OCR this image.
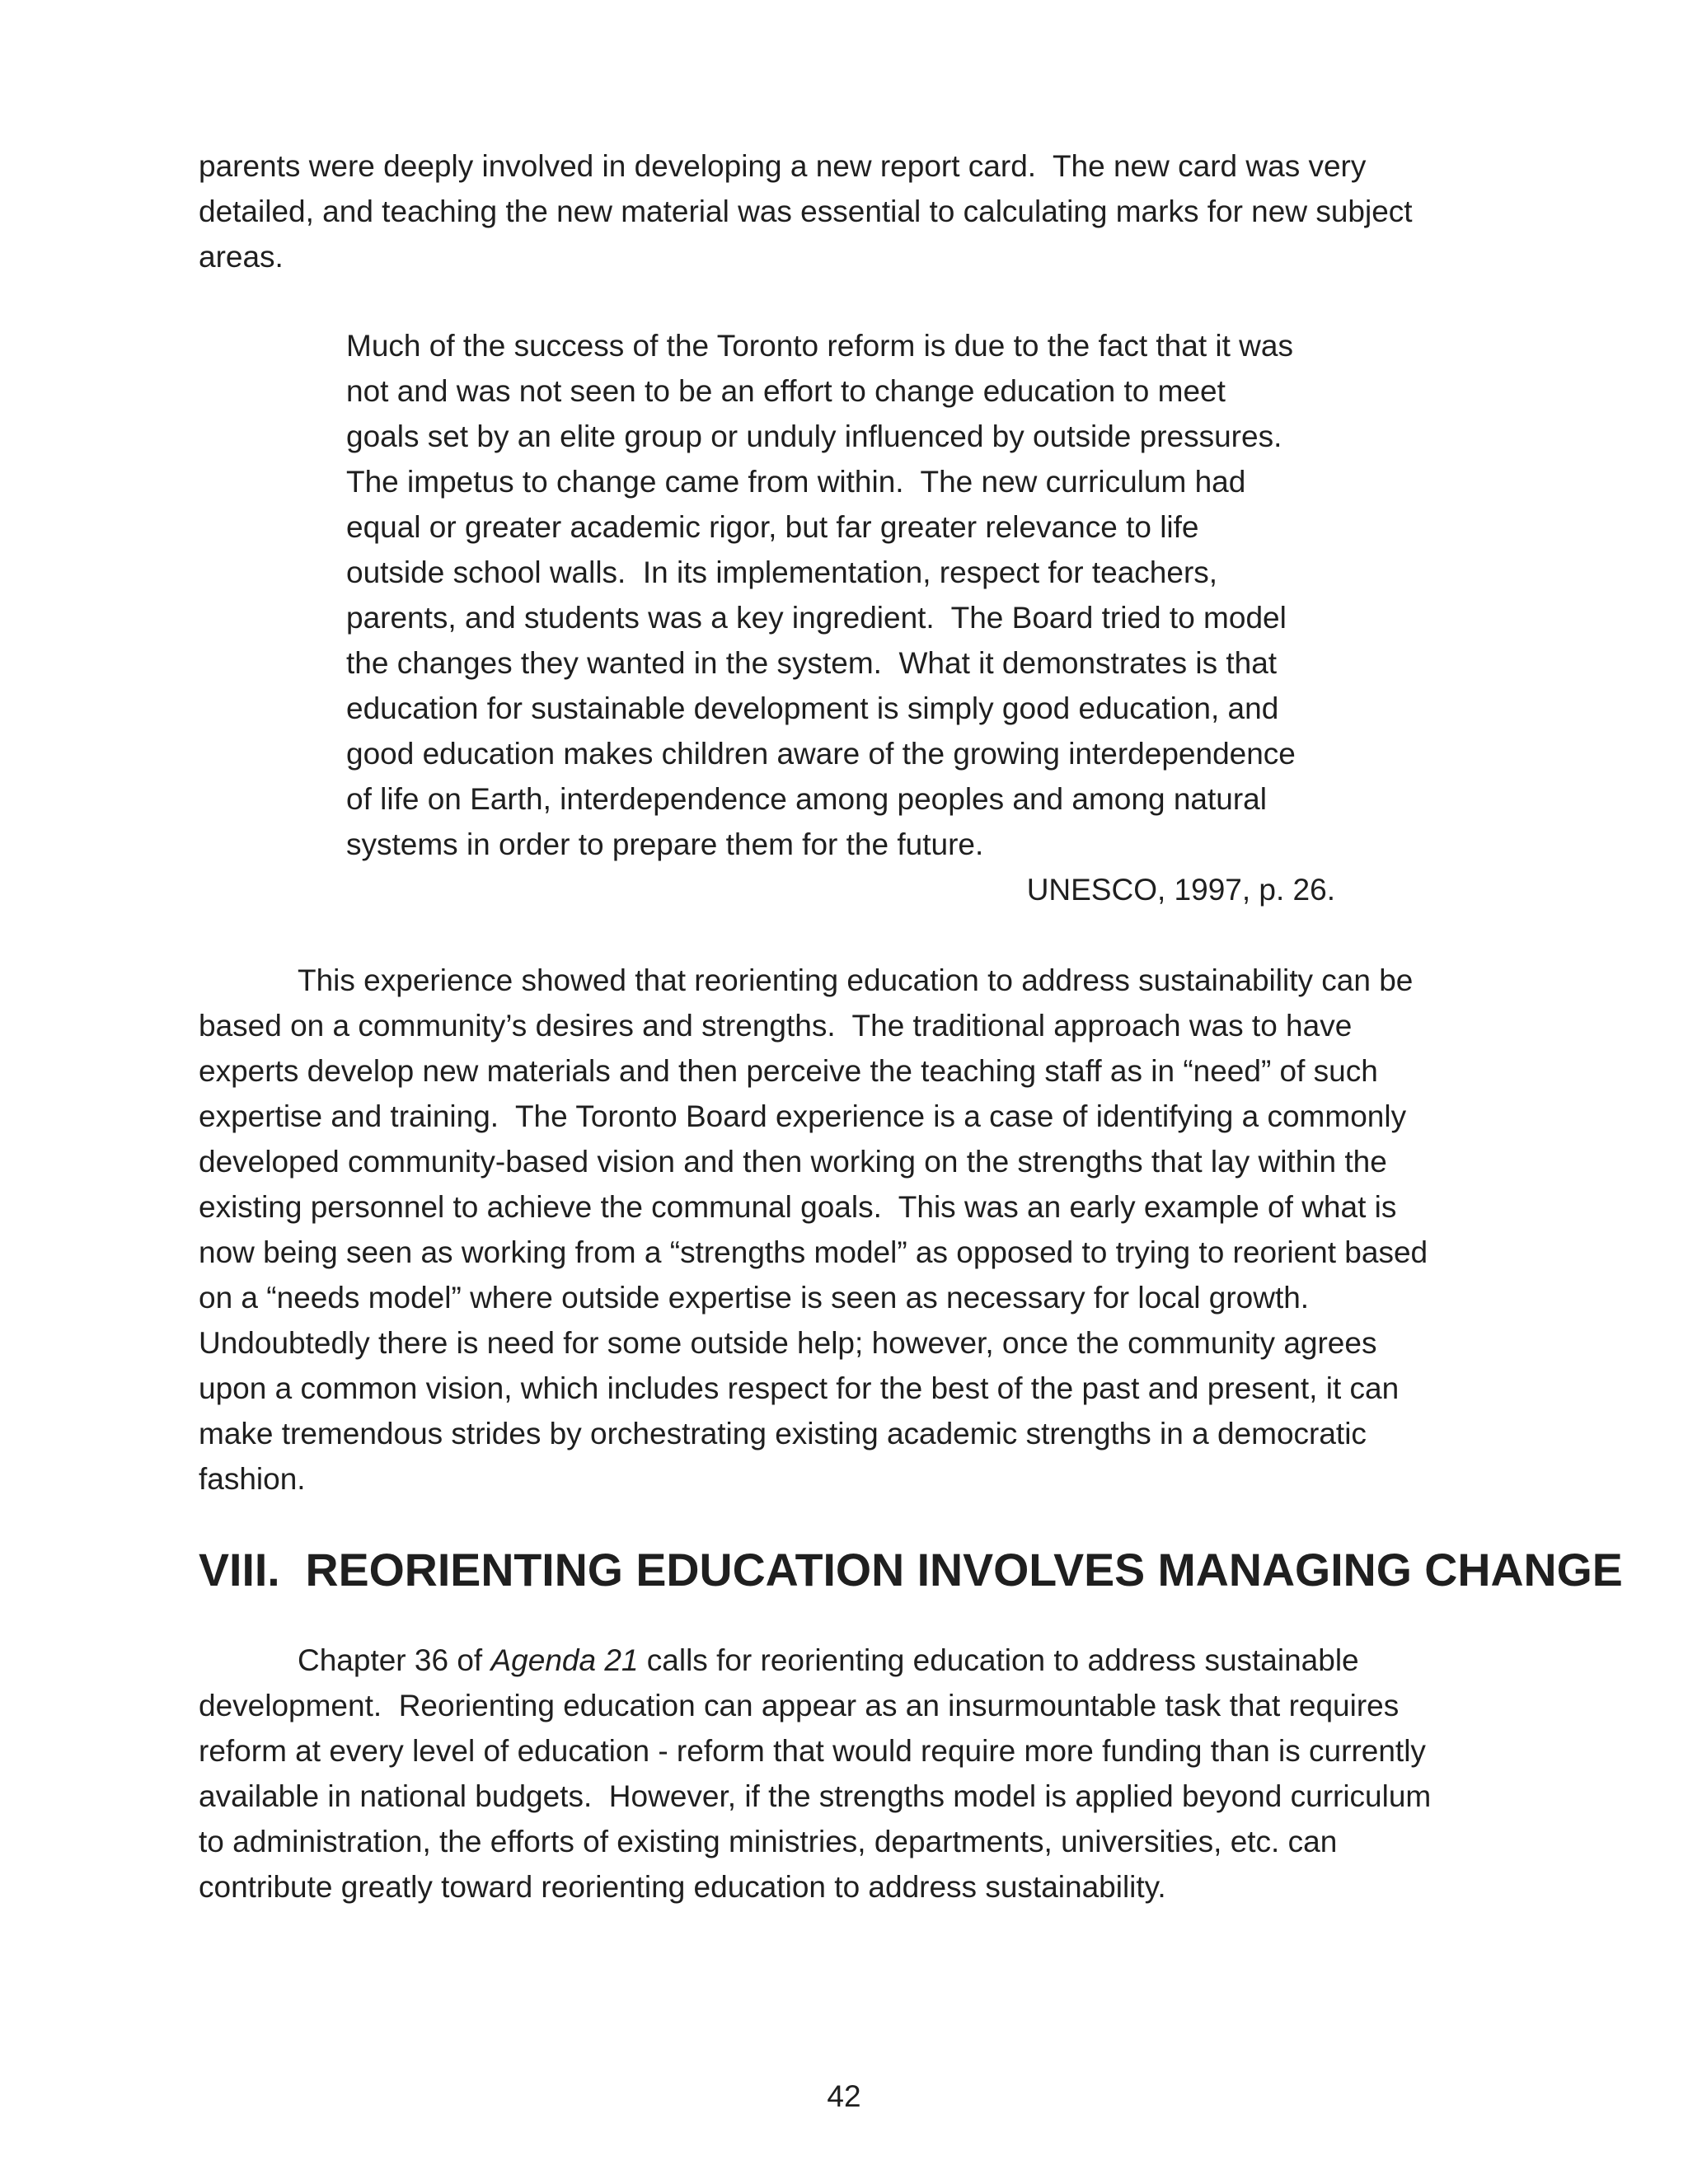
parents were deeply involved in developing a new report card.  The new card was very

detailed, and teaching the new material was essential to calculating marks for new subject

areas.

Much of the success of the Toronto reform is due to the fact that it was

not and was not seen to be an effort to change education to meet

goals set by an elite group or unduly influenced by outside pressures.

The impetus to change came from within.  The new curriculum had

equal or greater academic rigor, but far greater relevance to life

outside school walls.  In its implementation, respect for teachers,

parents, and students was a key ingredient.  The Board tried to model

the changes they wanted in the system.  What it demonstrates is that

education for sustainable development is simply good education, and

good education makes children aware of the growing interdependence

of life on Earth, interdependence among peoples and among natural

systems in order to prepare them for the future.

UNESCO, 1997, p. 26.

This experience showed that reorienting education to address sustainability can be

based on a community’s desires and strengths.  The traditional approach was to have

experts develop new materials and then perceive the teaching staff as in “need” of such

expertise and training.  The Toronto Board experience is a case of identifying a commonly

developed community-based vision and then working on the strengths that lay within the

existing personnel to achieve the communal goals.  This was an early example of what is

now being seen as working from a “strengths model” as opposed to trying to reorient based

on a “needs model” where outside expertise is seen as necessary for local growth.

Undoubtedly there is need for some outside help; however, once the community agrees

upon a common vision, which includes respect for the best of the past and present, it can

make tremendous strides by orchestrating existing academic strengths in a democratic

fashion.

VIII.  REORIENTING EDUCATION INVOLVES MANAGING CHANGE

Chapter 36 of Agenda 21 calls for reorienting education to address sustainable

development.  Reorienting education can appear as an insurmountable task that requires

reform at every level of education - reform that would require more funding than is currently

available in national budgets.  However, if the strengths model is applied beyond curriculum

to administration, the efforts of existing ministries, departments, universities, etc. can

contribute greatly toward reorienting education to address sustainability.

42
